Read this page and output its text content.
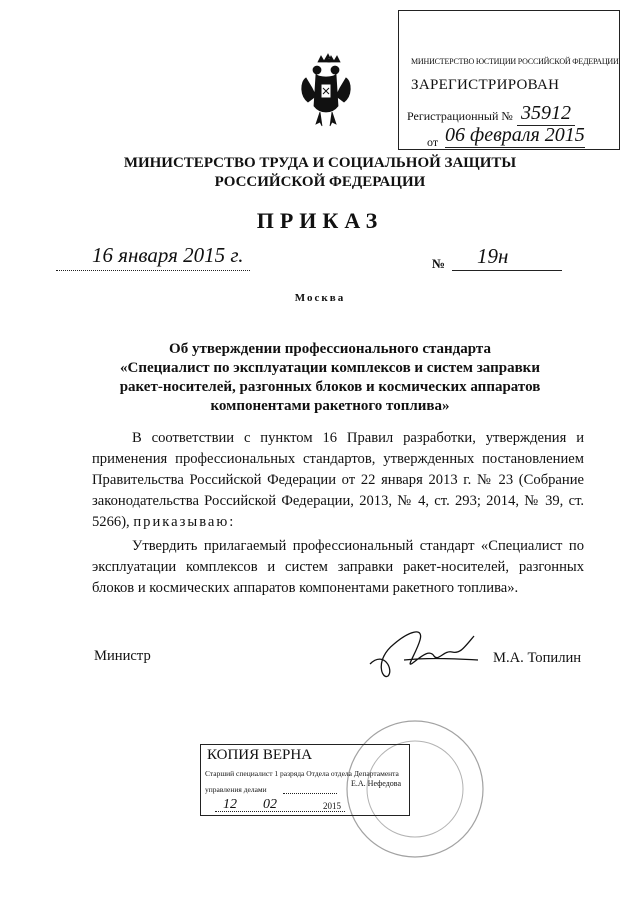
МИНИСТЕРСТВО ЮСТИЦИИ РОССИЙСКОЙ ФЕДЕРАЦИИ
ЗАРЕГИСТРИРОВАН
Регистрационный № 35912
от 06 февраля 2015
МИНИСТЕРСТВО ТРУДА И СОЦИАЛЬНОЙ ЗАЩИТЫ
РОССИЙСКОЙ ФЕДЕРАЦИИ
ПРИКАЗ
16 января 2015 г.	№ 19н
Москва
Об утверждении профессионального стандарта
«Специалист по эксплуатации комплексов и систем заправки
ракет-носителей, разгонных блоков и космических аппаратов
компонентами ракетного топлива»
В соответствии с пунктом 16 Правил разработки, утверждения и применения профессиональных стандартов, утвержденных постановлением Правительства Российской Федерации от 22 января 2013 г. № 23 (Собрание законодательства Российской Федерации, 2013, № 4, ст. 293; 2014, № 39, ст. 5266), приказываю:
Утвердить прилагаемый профессиональный стандарт «Специалист по эксплуатации комплексов и систем заправки ракет-носителей, разгонных блоков и космических аппаратов компонентами ракетного топлива».
Министр	М.А. Топилин
КОПИЯ ВЕРНА
Старший специалист 1 разряда Отдела отдела Департамента
управления делами
Е.А. Нефедова
12 02	2015
